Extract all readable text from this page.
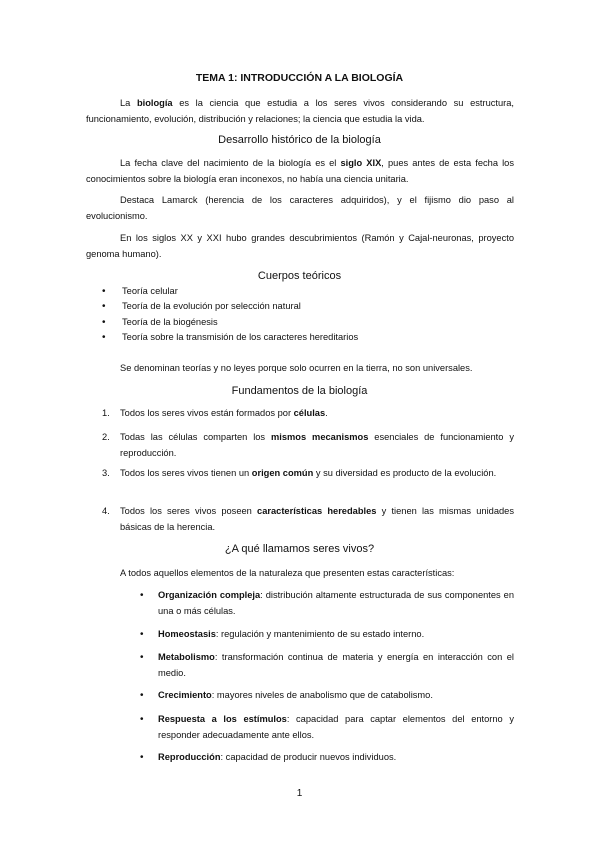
TEMA 1: INTRODUCCIÓN A LA BIOLOGÍA
La biología es la ciencia que estudia a los seres vivos considerando su estructura, funcionamiento, evolución, distribución y relaciones; la ciencia que estudia la vida.
Desarrollo histórico de la biología
La fecha clave del nacimiento de la biología es el siglo XIX, pues antes de esta fecha los conocimientos sobre la biología eran inconexos, no había una ciencia unitaria.
Destaca Lamarck (herencia de los caracteres adquiridos), y el fijismo dio paso al evolucionismo.
En los siglos XX y XXI hubo grandes descubrimientos (Ramón y Cajal-neuronas, proyecto genoma humano).
Cuerpos teóricos
• Teoría celular
• Teoría de la evolución por selección natural
• Teoría de la biogénesis
• Teoría sobre la transmisión de los caracteres hereditarios
Se denominan teorías y no leyes porque solo ocurren en la tierra, no son universales.
Fundamentos de la biología
1. Todos los seres vivos están formados por células.
2. Todas las células comparten los mismos mecanismos esenciales de funcionamiento y reproducción.
3. Todos los seres vivos tienen un origen común y su diversidad es producto de la evolución.
4. Todos los seres vivos poseen características heredables y tienen las mismas unidades básicas de la herencia.
¿A qué llamamos seres vivos?
A todos aquellos elementos de la naturaleza que presenten estas características:
• Organización compleja: distribución altamente estructurada de sus componentes en una o más células.
• Homeostasis: regulación y mantenimiento de su estado interno.
• Metabolismo: transformación continua de materia y energía en interacción con el medio.
• Crecimiento: mayores niveles de anabolismo que de catabolismo.
• Respuesta a los estímulos: capacidad para captar elementos del entorno y responder adecuadamente ante ellos.
• Reproducción: capacidad de producir nuevos individuos.
1
